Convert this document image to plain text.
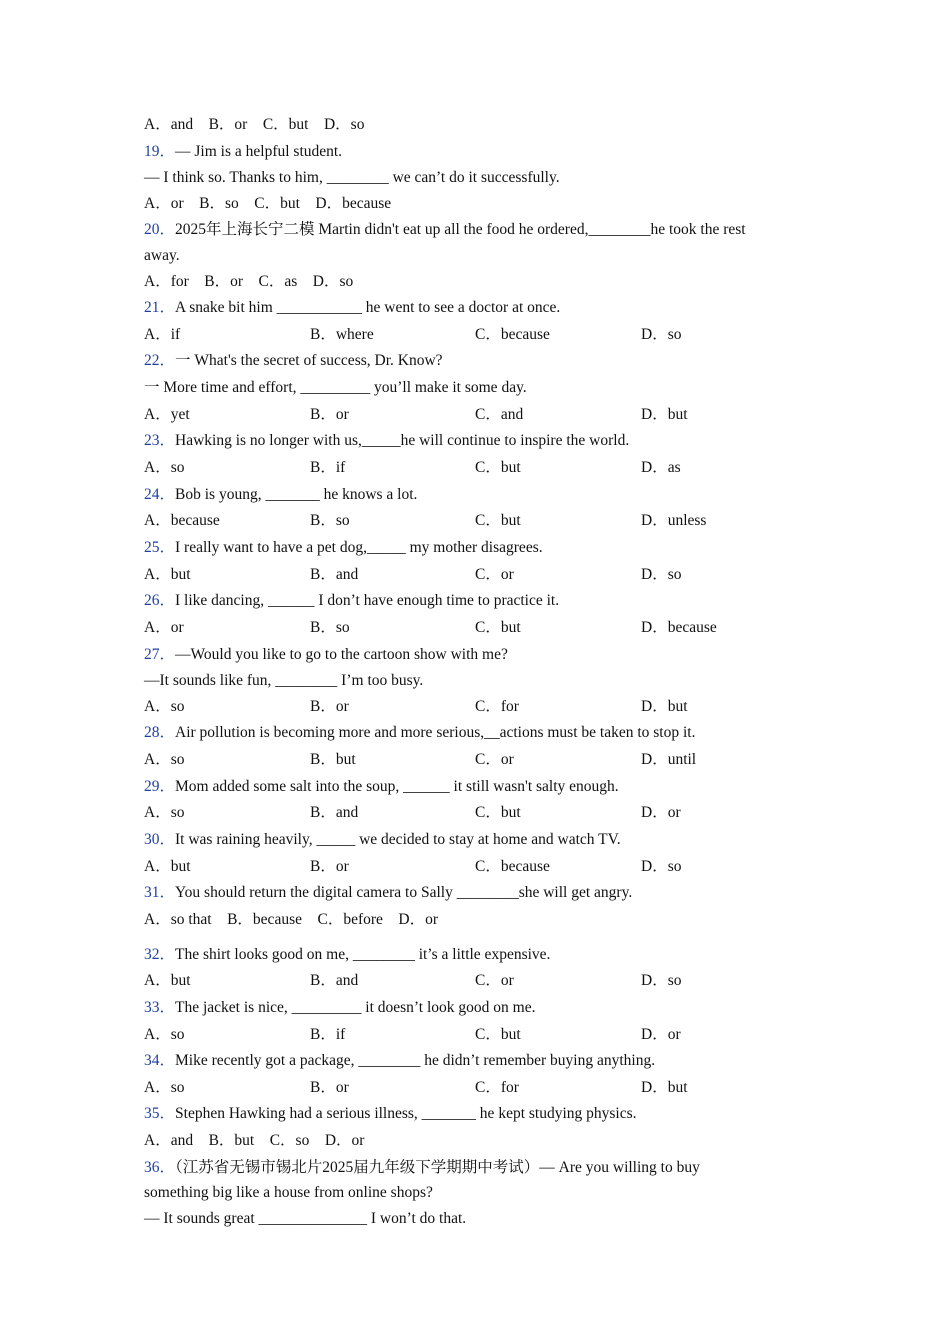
A．and　B．or　C．but　D．so
19．— Jim is a helpful student.
— I think so. Thanks to him, ________ we can’t do it successfully.
A．or　B．so　C．but　D．because
20．2025年上海长宁二模 Martin didn't eat up all the food he ordered,________he took the rest
away.
A．for　B．or　C．as　D．so
21．A snake bit him ___________ he went to see a doctor at once.
A．if	B．where	C．because	D．so
22．一 What's the secret of success, Dr. Know?
一 More time and effort, _________ you’ll make it some day.
A．yet	B．or	C．and	D．but
23．Hawking is no longer with us,_____he will continue to inspire the world.
A．so	B．if	C．but	D．as
24．Bob is young, _______ he knows a lot.
A．because	B．so	C．but	D．unless
25．I really want to have a pet dog,_____ my mother disagrees.
A．but	B．and	C．or	D．so
26．I like dancing, ______ I don’t have enough time to practice it.
A．or	B．so	C．but	D．because
27．—Would you like to go to the cartoon show with me?
—It sounds like fun, ________ I’m too busy.
A．so	B．or	C．for	D．but
28．Air pollution is becoming more and more serious,__actions must be taken to stop it.
A．so	B．but	C．or	D．until
29．Mom added some salt into the soup, ______ it still wasn't salty enough.
A．so	B．and	C．but	D．or
30．It was raining heavily, _____ we decided to stay at home and watch TV.
A．but	B．or	C．because	D．so
31．You should return the digital camera to Sally ________she will get angry.
A．so that　B．because　C．before　D．or
32．The shirt looks good on me, ________ it’s a little expensive.
A．but	B．and	C．or	D．so
33．The jacket is nice, _________ it doesn’t look good on me.
A．so	B．if	C．but	D．or
34．Mike recently got a package, ________ he didn’t remember buying anything.
A．so	B．or	C．for	D．but
35．Stephen Hawking had a serious illness, _______ he kept studying physics.
A．and　B．but　C．so　D．or
36．（江苏省无锡市锡北片2025届九年级下学期期中考试）— Are you willing to buy
something big like a house from online shops?
— It sounds great ______________ I won’t do that.
